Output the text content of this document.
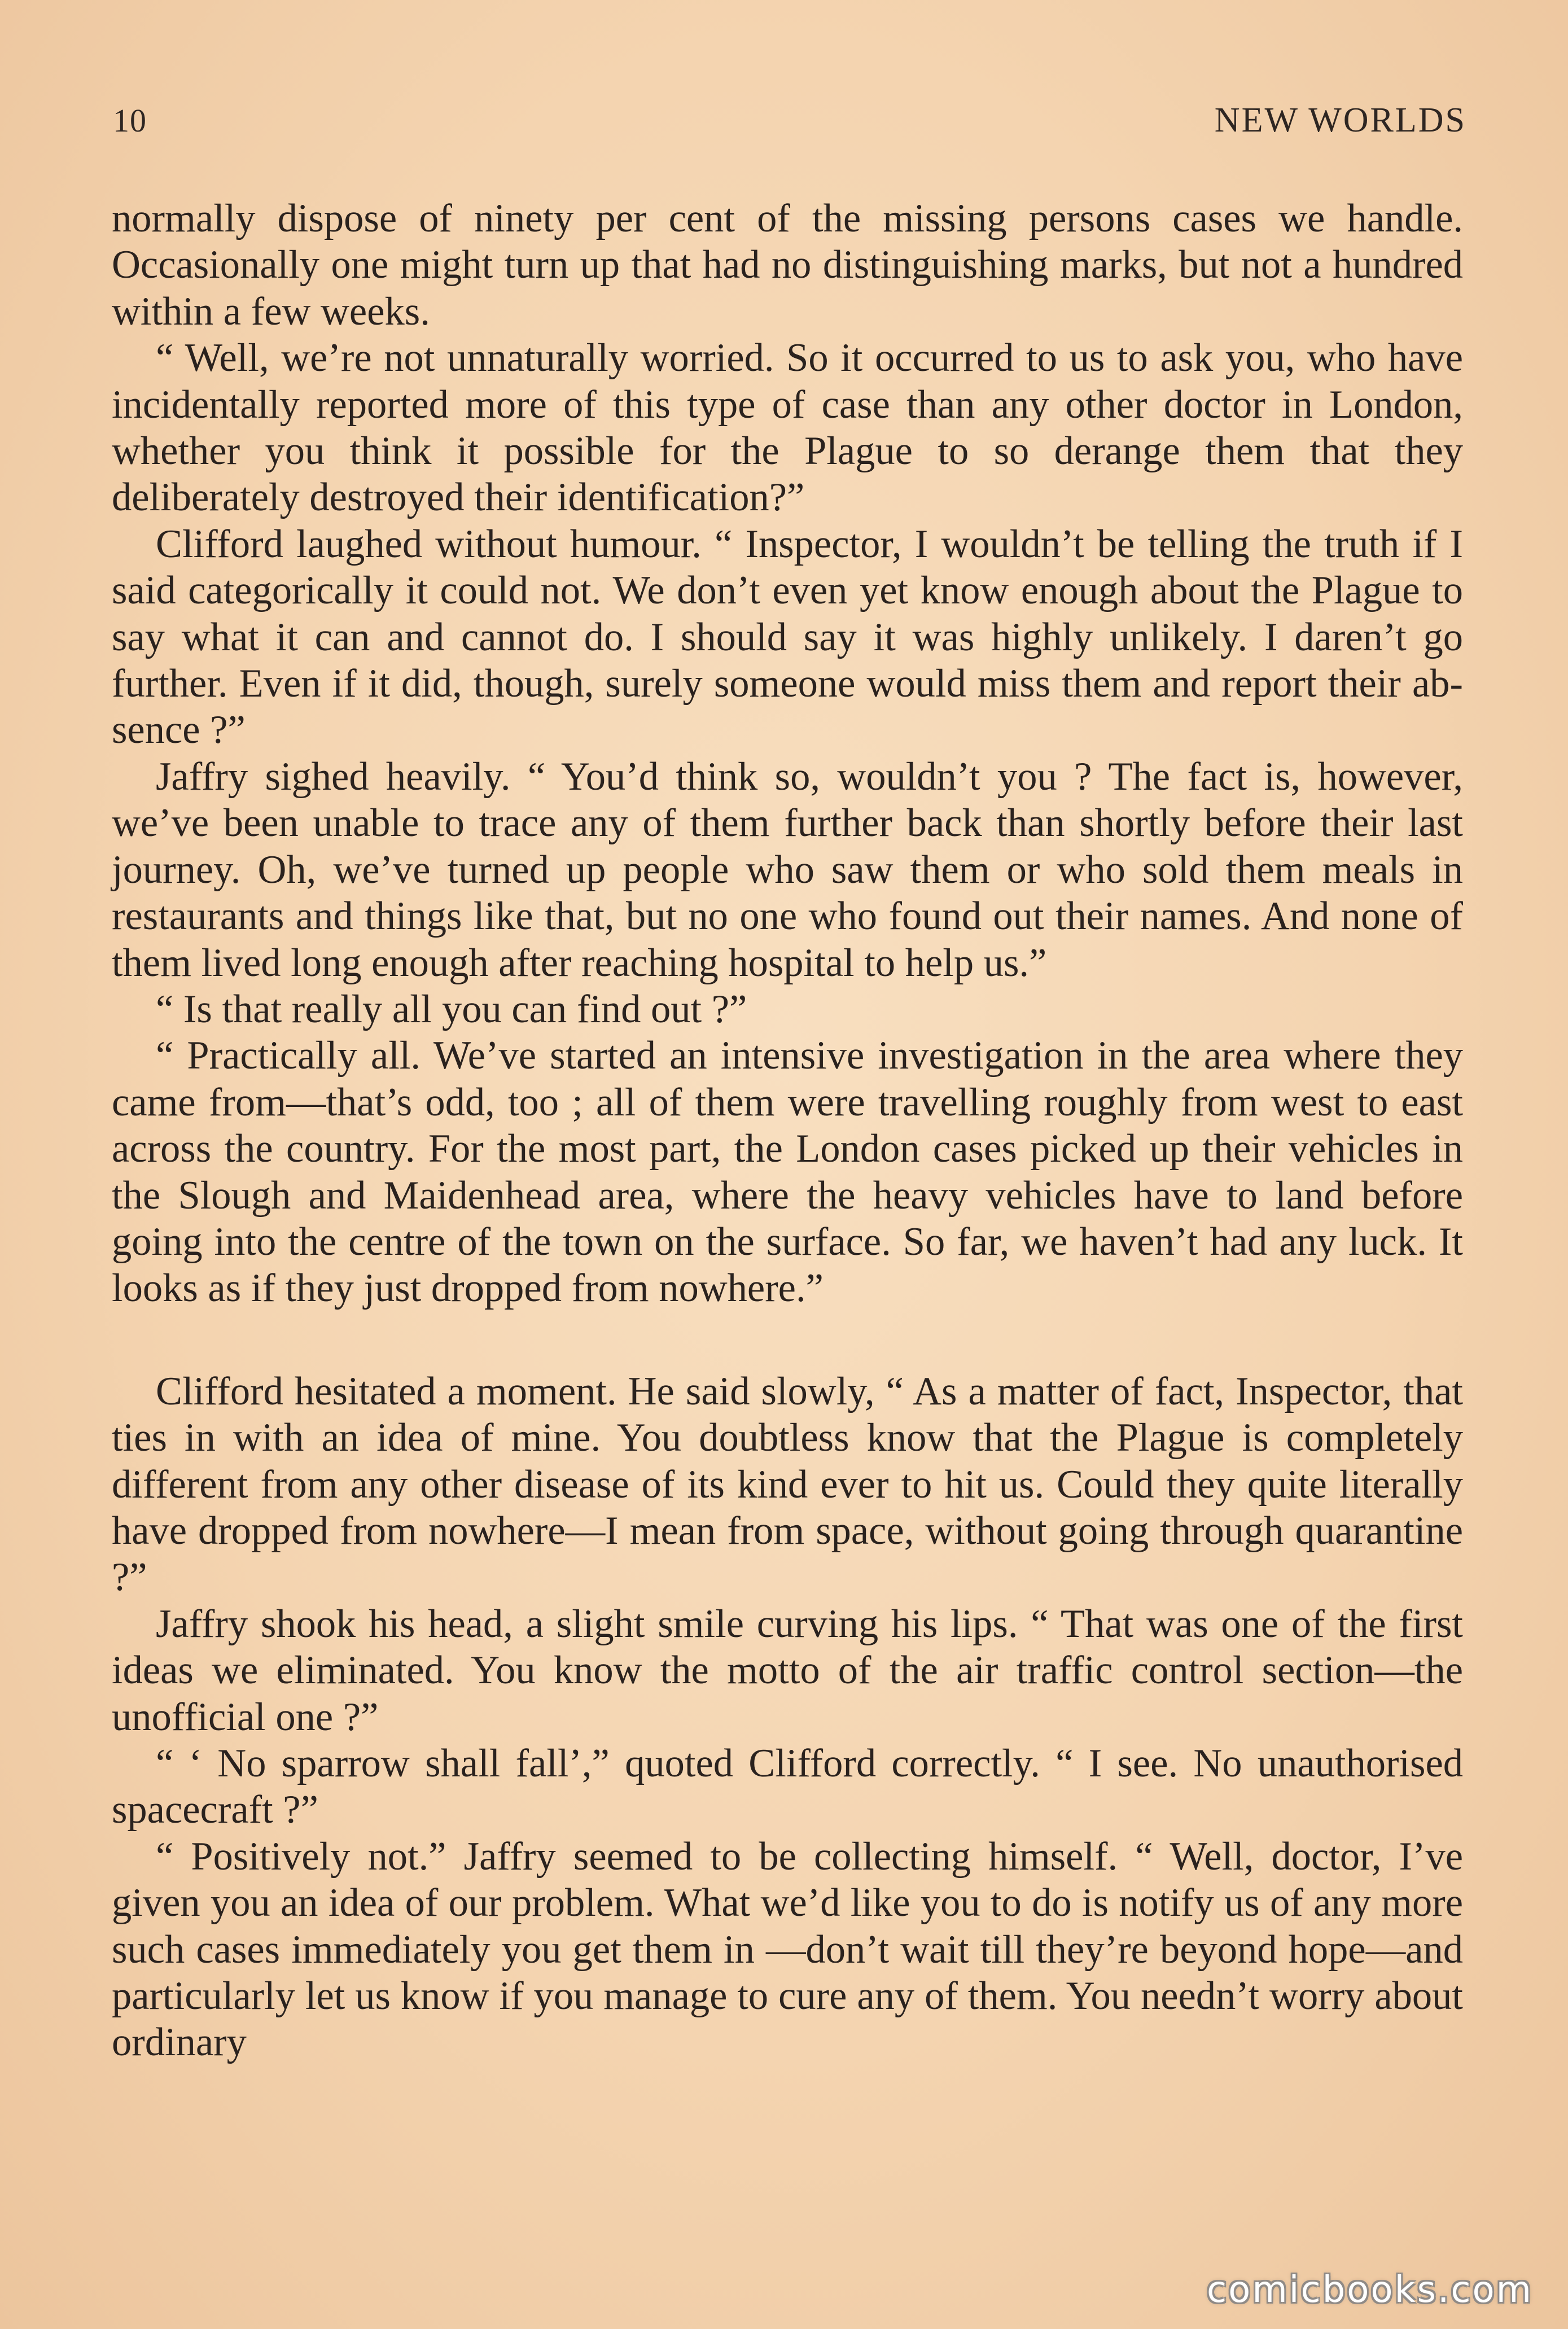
10	NEW WORLDS

normally dispose of ninety per cent of the missing persons cases we handle. Occasionally one might turn up that had no distinguishing marks, but not a hundred within a few weeks.

“ Well, we’re not unnaturally worried. So it occurred to us to ask you, who have incidentally reported more of this type of case than any other doctor in London, whether you think it possible for the Plague to so derange them that they deliberately destroyed their identification?”

Clifford laughed without humour. “ Inspector, I wouldn’t be telling the truth if I said categorically it could not. We don’t even yet know enough about the Plague to say what it can and cannot do. I should say it was highly unlikely. I daren’t go further. Even if it did, though, surely someone would miss them and report their absence ?”

Jaffry sighed heavily. “ You’d think so, wouldn’t you ? The fact is, however, we’ve been unable to trace any of them further back than shortly before their last journey. Oh, we’ve turned up people who saw them or who sold them meals in restaurants and things like that, but no one who found out their names. And none of them lived long enough after reaching hospital to help us.”

“ Is that really all you can find out ?”

“ Practically all. We’ve started an intensive investigation in the area where they came from—that’s odd, too ; all of them were travelling roughly from west to east across the country. For the most part, the London cases picked up their vehicles in the Slough and Maidenhead area, where the heavy vehicles have to land before going into the centre of the town on the surface. So far, we haven’t had any luck. It looks as if they just dropped from nowhere.”

Clifford hesitated a moment. He said slowly, “ As a matter of fact, Inspector, that ties in with an idea of mine. You doubtless know that the Plague is completely different from any other disease of its kind ever to hit us. Could they quite literally have dropped from nowhere—I mean from space, without going through quarantine ?”

Jaffry shook his head, a slight smile curving his lips. “ That was one of the first ideas we eliminated. You know the motto of the air traffic control section—the unofficial one ?”

“ ‘ No sparrow shall fall’,” quoted Clifford correctly. “ I see. No unauthorised spacecraft ?”

“ Positively not.” Jaffry seemed to be collecting himself. “ Well, doctor, I’ve given you an idea of our problem. What we’d like you to do is notify us of any more such cases immediately you get them in —don’t wait till they’re beyond hope—and particularly let us know if you manage to cure any of them. You needn’t worry about ordinary

comicbooks.com
